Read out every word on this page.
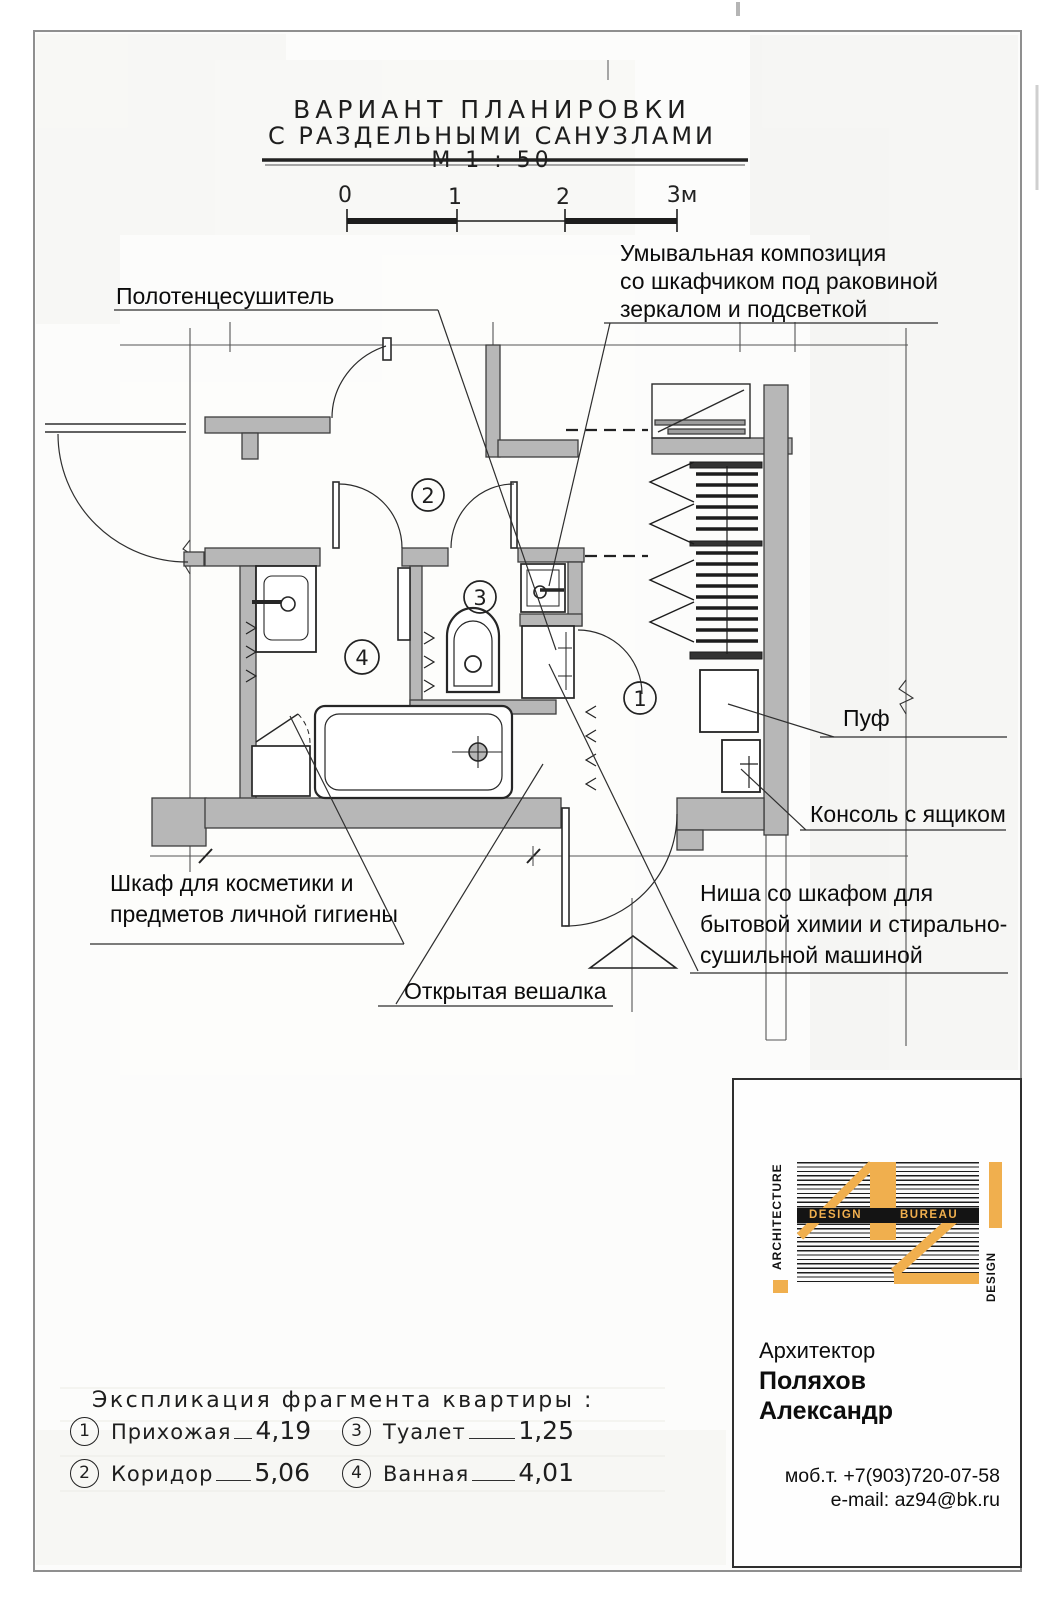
0	1	2	3м
1
2
3
4
ВАРИАНТ ПЛАНИРОВКИ
С РАЗДЕЛЬНЫМИ САНУЗЛАМИ
М 1 : 50
Полотенцесушитель
Умывальная композиция
со шкафчиком под раковиной
зеркалом и подсветкой
Пуф
Консоль с ящиком
Шкаф для косметики и
предметов личной гигиены
Ниша со шкафом для
бытовой химии и стирально-
сушильной машиной
Открытая вешалка
Экспликация фрагмента квартиры :
1	Прихожая 4,19
2	Коридор 5,06
3	Туалет 1,25
4	Ванная 4,01
ARCHITECTURE	DESIGN	BUREAU
DESIGN
Архитектор
Поляхов
Александр
моб.т. +7(903)720-07-58
e-mail: az94@bk.ru
